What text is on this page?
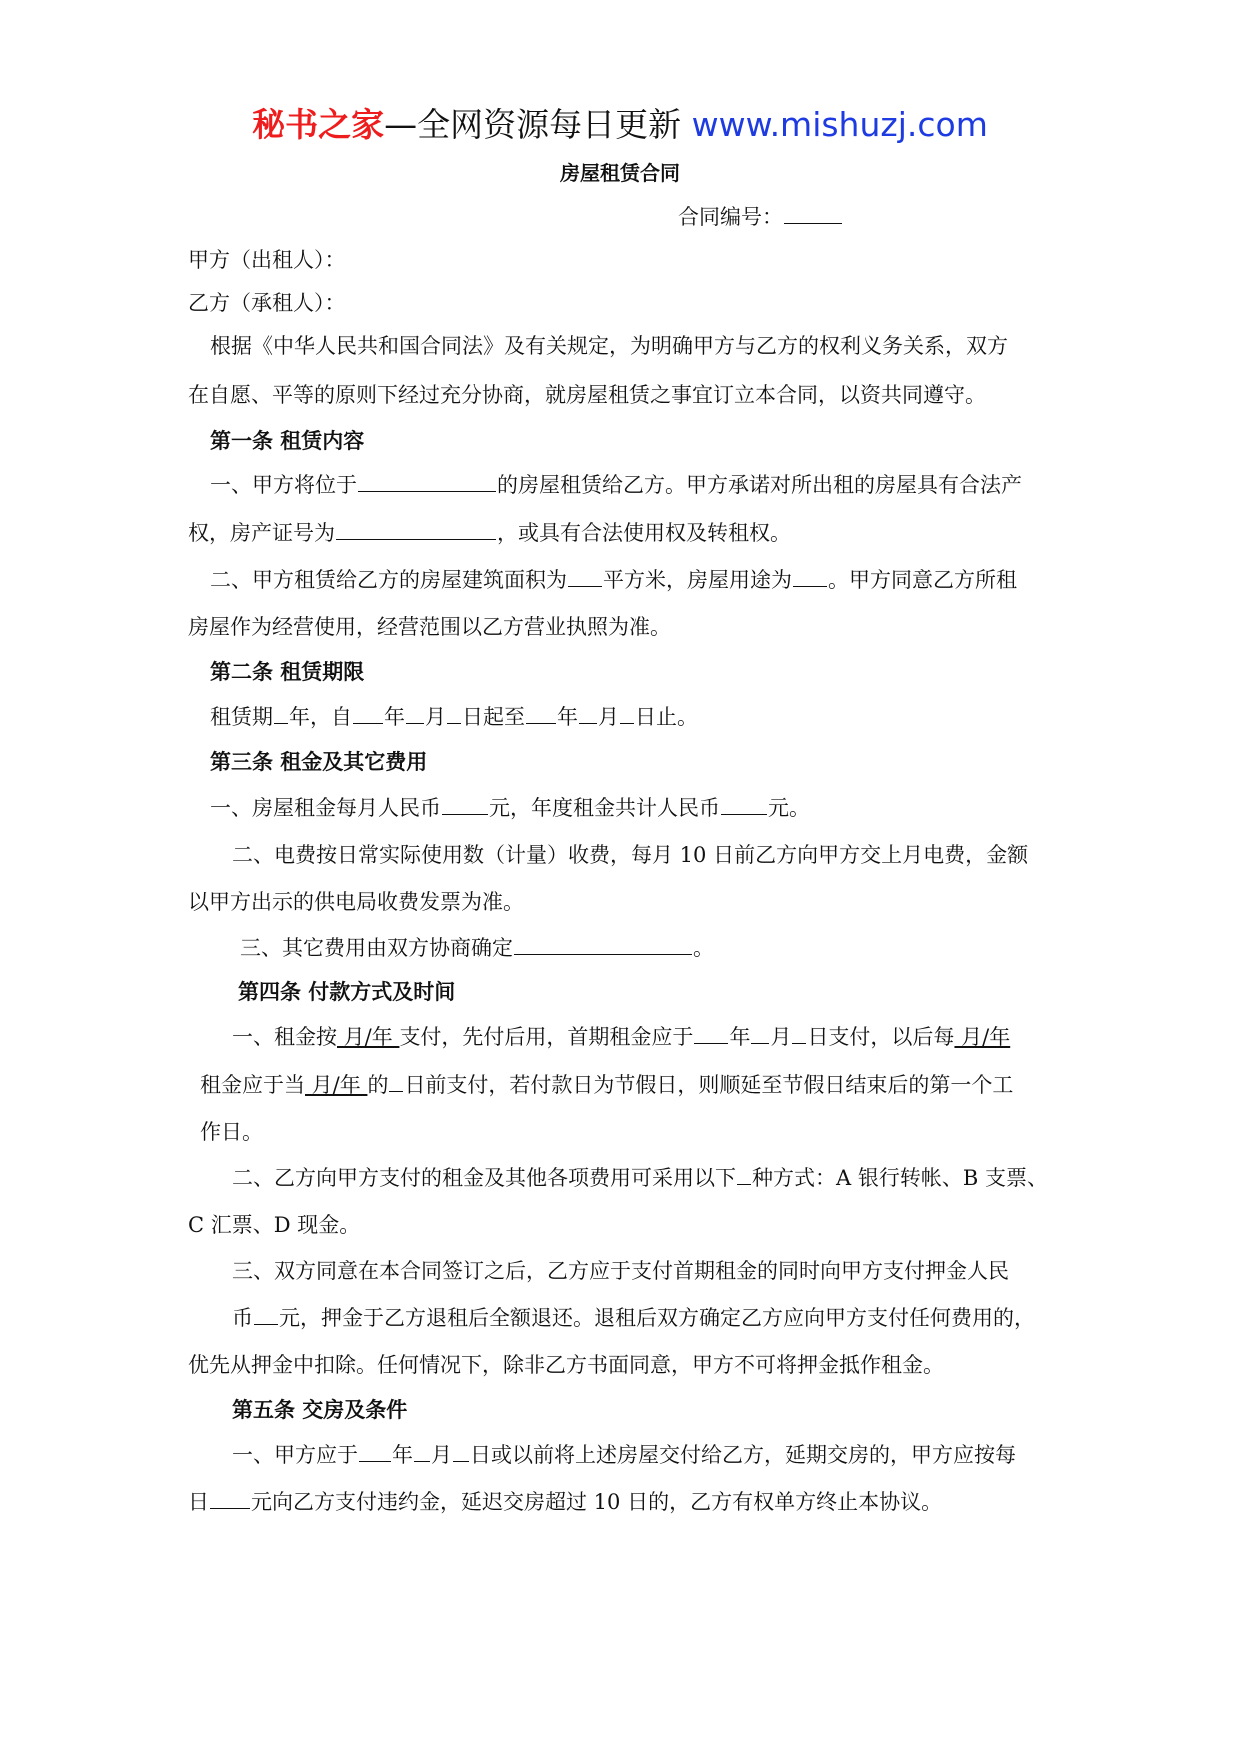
秘书之家—全网资源每日更新 www.mishuzj.com
房屋租赁合同
合同编号：
甲方（出租人）：
乙方（承租人）：
根据《中华人民共和国合同法》及有关规定，为明确甲方与乙方的权利义务关系，双方
在自愿、平等的原则下经过充分协商，就房屋租赁之事宜订立本合同，以资共同遵守。
第一条 租赁内容
一、甲方将位于	的房屋租赁给乙方。甲方承诺对所出租的房屋具有合法产
权，房产证号为	，或具有合法使用权及转租权。
二、甲方租赁给乙方的房屋建筑面积为 平方米，房屋用途为 。甲方同意乙方所租
房屋作为经营使用，经营范围以乙方营业执照为准。
第二条 租赁期限
租赁期 年，自 年 月 日起至 年 月 日止。
第三条 租金及其它费用
一、房屋租金每月人民币 元，年度租金共计人民币 元。
二、电费按日常实际使用数（计量）收费，每月 10 日前乙方向甲方交上月电费，金额
以甲方出示的供电局收费发票为准。
三、其它费用由双方协商确定	。
第四条 付款方式及时间
一、租金按 月/年 支付，先付后用，首期租金应于 年 月 日支付，以后每 月/年
租金应于当 月/年 的 日前支付，若付款日为节假日，则顺延至节假日结束后的第一个工
作日。
二、乙方向甲方支付的租金及其他各项费用可采用以下 种方式：A 银行转帐、B 支票、
C 汇票、D 现金。
三、双方同意在本合同签订之后，乙方应于支付首期租金的同时向甲方支付押金人民
币 元，押金于乙方退租后全额退还。退租后双方确定乙方应向甲方支付任何费用的，
优先从押金中扣除。任何情况下，除非乙方书面同意，甲方不可将押金抵作租金。
第五条 交房及条件
一、甲方应于 年 月 日或以前将上述房屋交付给乙方，延期交房的，甲方应按每
日 元向乙方支付违约金，延迟交房超过 10 日的，乙方有权单方终止本协议。
